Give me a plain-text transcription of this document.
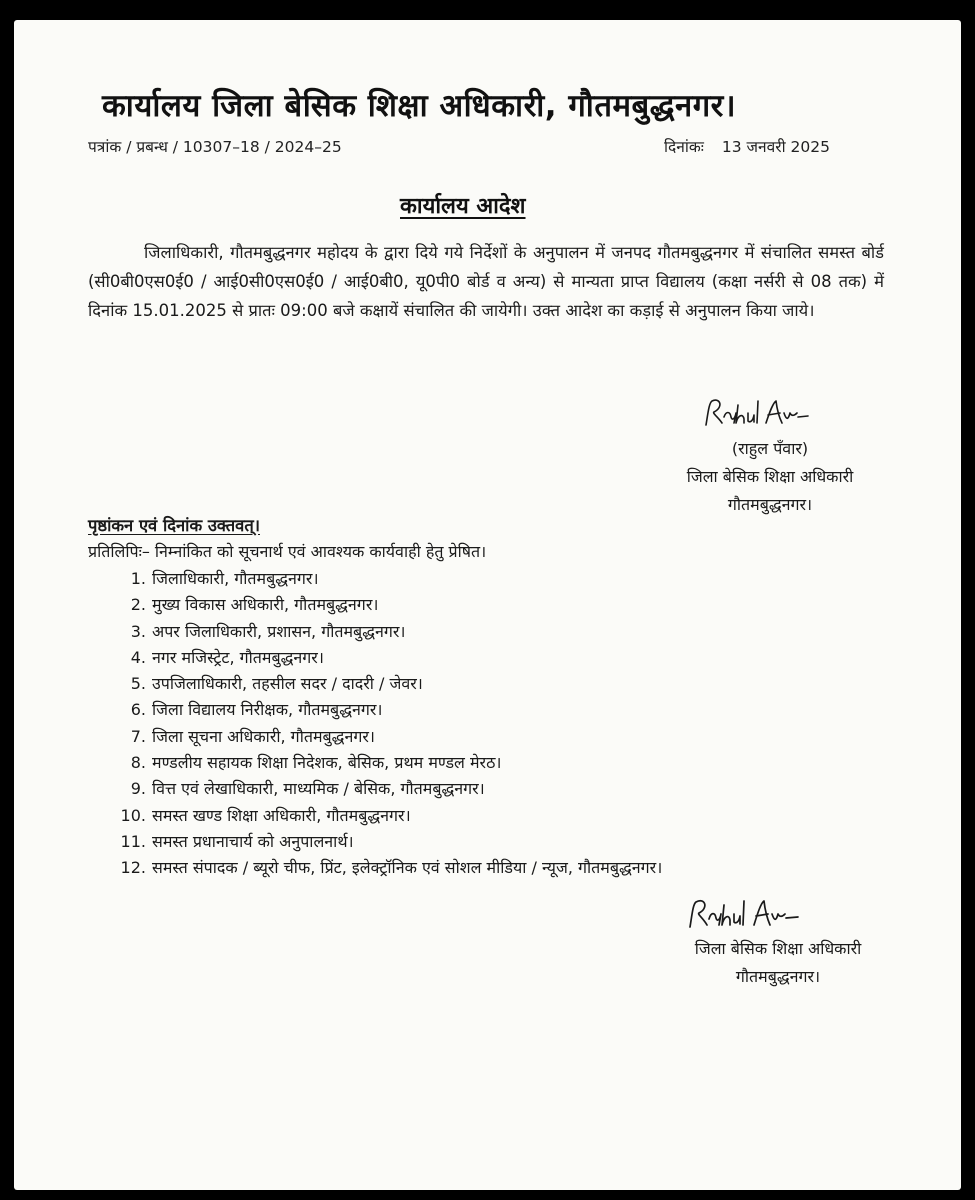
कार्यालय जिला बेसिक शिक्षा अधिकारी, गौतमबुद्धनगर।
पत्रांक / प्रबन्ध / 10307–18 / 2024–25	दिनांकः 13 जनवरी 2025
कार्यालय आदेश
जिलाधिकारी, गौतमबुद्धनगर महोदय के द्वारा दिये गये निर्देशों के अनुपालन में जनपद गौतमबुद्धनगर में संचालित समस्त बोर्ड (सी0बी0एस0ई0 / आई0सी0एस0ई0 / आई0बी0, यू0पी0 बोर्ड व अन्य) से मान्यता प्राप्त विद्यालय (कक्षा नर्सरी से 08 तक) में दिनांक 15.01.2025 से प्रातः 09:00 बजे कक्षायें संचालित की जायेगी। उक्त आदेश का कड़ाई से अनुपालन किया जाये।
(राहुल पँवार)
जिला बेसिक शिक्षा अधिकारी
गौतमबुद्धनगर।
पृष्ठांकन एवं दिनांक उक्तवत्।
प्रतिलिपिः– निम्नांकित को सूचनार्थ एवं आवश्यक कार्यवाही हेतु प्रेषित।
1. जिलाधिकारी, गौतमबुद्धनगर।
2. मुख्य विकास अधिकारी, गौतमबुद्धनगर।
3. अपर जिलाधिकारी, प्रशासन, गौतमबुद्धनगर।
4. नगर मजिस्ट्रेट, गौतमबुद्धनगर।
5. उपजिलाधिकारी, तहसील सदर / दादरी / जेवर।
6. जिला विद्यालय निरीक्षक, गौतमबुद्धनगर।
7. जिला सूचना अधिकारी, गौतमबुद्धनगर।
8. मण्डलीय सहायक शिक्षा निदेशक, बेसिक, प्रथम मण्डल मेरठ।
9. वित्त एवं लेखाधिकारी, माध्यमिक / बेसिक, गौतमबुद्धनगर।
10. समस्त खण्ड शिक्षा अधिकारी, गौतमबुद्धनगर।
11. समस्त प्रधानाचार्य को अनुपालनार्थ।
12. समस्त संपादक / ब्यूरो चीफ, प्रिंट, इलेक्ट्रॉनिक एवं सोशल मीडिया / न्यूज, गौतमबुद्धनगर।
जिला बेसिक शिक्षा अधिकारी
गौतमबुद्धनगर।
